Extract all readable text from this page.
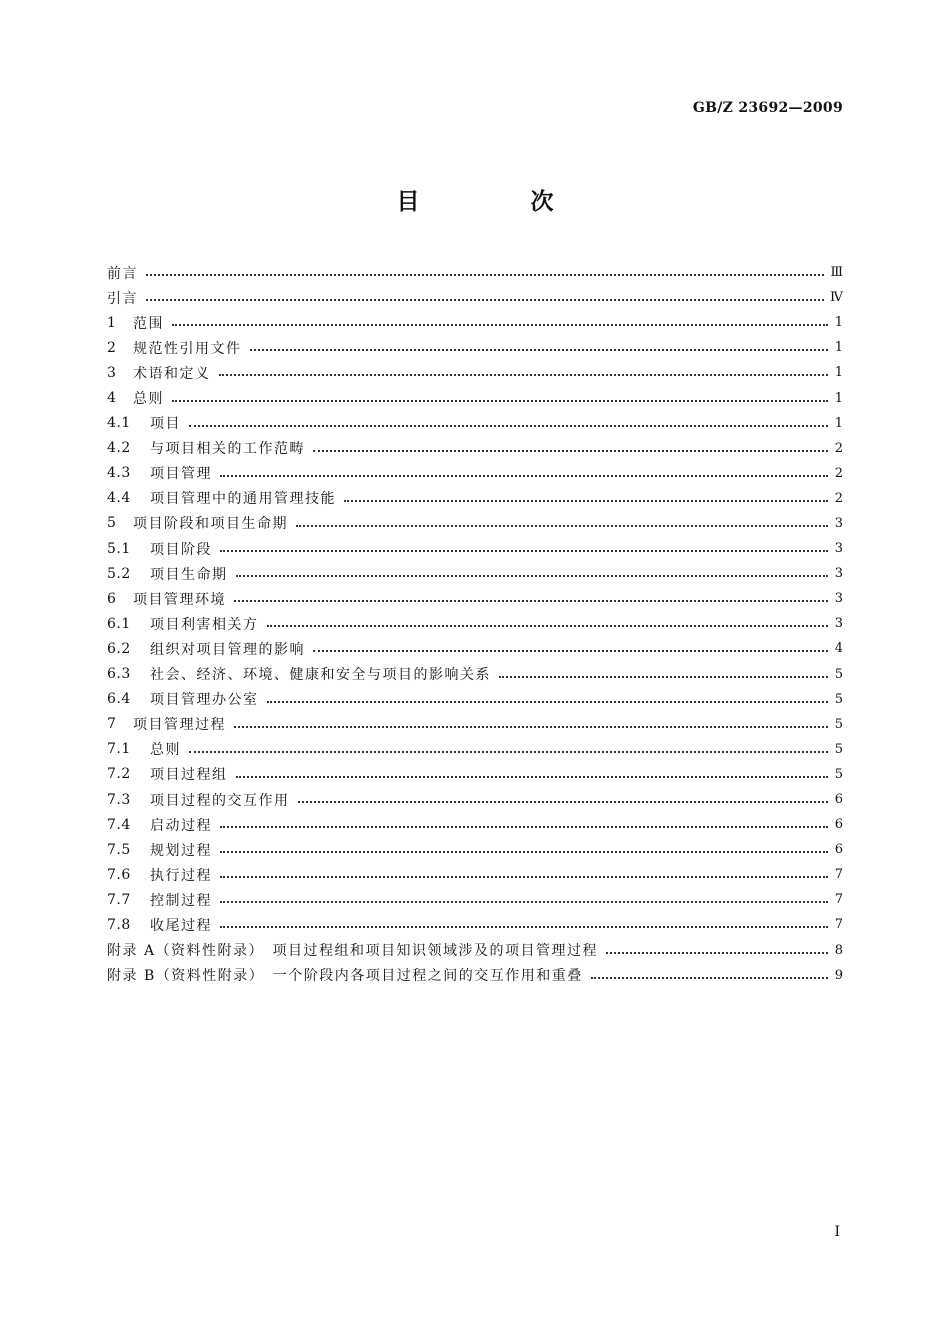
GB/Z 23692—2009
目　次
前言	Ⅲ
引言	Ⅳ
1	范围	1
2	规范性引用文件	1
3	术语和定义	1
4	总则	1
4.1	项目	1
4.2	与项目相关的工作范畴	2
4.3	项目管理	2
4.4	项目管理中的通用管理技能	2
5	项目阶段和项目生命期	3
5.1	项目阶段	3
5.2	项目生命期	3
6	项目管理环境	3
6.1	项目利害相关方	3
6.2	组织对项目管理的影响	4
6.3	社会、经济、环境、健康和安全与项目的影响关系	5
6.4	项目管理办公室	5
7	项目管理过程	5
7.1	总则	5
7.2	项目过程组	5
7.3	项目过程的交互作用	6
7.4	启动过程	6
7.5	规划过程	6
7.6	执行过程	7
7.7	控制过程	7
7.8	收尾过程	7
附录 A（资料性附录）　项目过程组和项目知识领域涉及的项目管理过程	8
附录 B（资料性附录）　一个阶段内各项目过程之间的交互作用和重叠	9
Ⅰ
